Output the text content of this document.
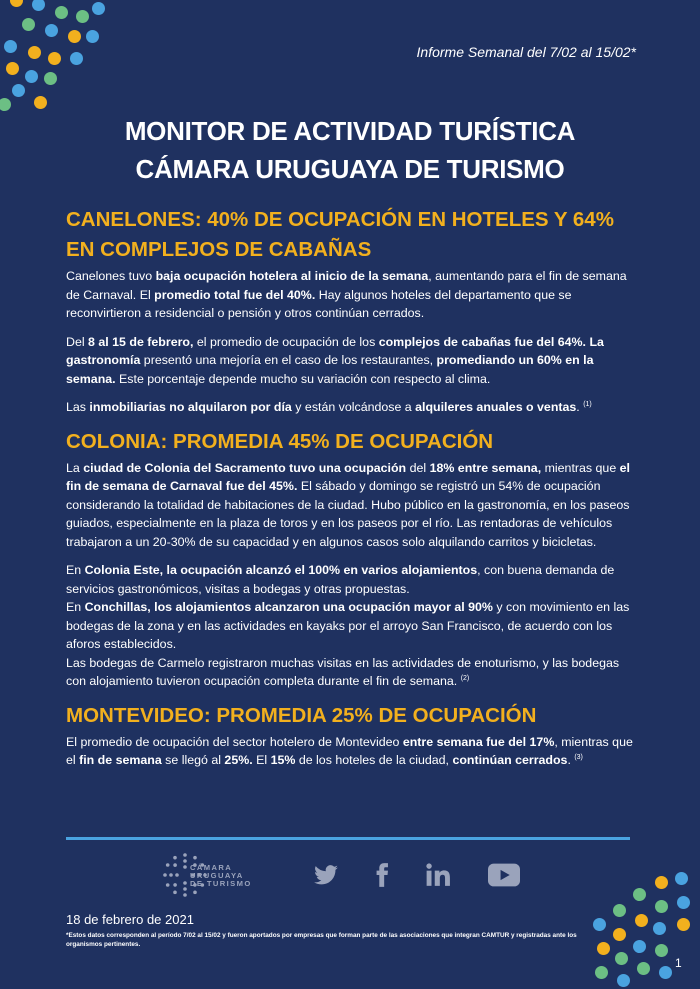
Informe Semanal del 7/02 al 15/02*
MONITOR DE ACTIVIDAD TURÍSTICA
CÁMARA URUGUAYA DE TURISMO
CANELONES: 40% DE OCUPACIÓN EN HOTELES Y 64% EN COMPLEJOS DE CABAÑAS

Canelones tuvo baja ocupación hotelera al inicio de la semana, aumentando para el fin de semana de Carnaval. El promedio total fue del 40%. Hay algunos hoteles del departamento que se reconvirtieron a residencial o pensión y otros continúan cerrados.

Del 8 al 15 de febrero, el promedio de ocupación de los complejos de cabañas fue del 64%. La gastronomía presentó una mejoría en el caso de los restaurantes, promediando un 60% en la semana. Este porcentaje depende mucho su variación con respecto al clima.

Las inmobiliarias no alquilaron por día y están volcándose a alquileres anuales o ventas. $^{(1)}$

COLONIA: PROMEDIA 45% DE OCUPACIÓN

La ciudad de Colonia del Sacramento tuvo una ocupación del 18% entre semana, mientras que el fin de semana de Carnaval fue del 45%. El sábado y domingo se registró un 54% de ocupación considerando la totalidad de habitaciones de la ciudad. Hubo público en la gastronomía, en los paseos guiados, especialmente en la plaza de toros y en los paseos por el río. Las rentadoras de vehículos trabajaron a un 20-30% de su capacidad y en algunos casos solo alquilando carritos y bicicletas.

En Colonia Este, la ocupación alcanzó el 100% en varios alojamientos, con buena demanda de servicios gastronómicos, visitas a bodegas y otras propuestas.
En Conchillas, los alojamientos alcanzaron una ocupación mayor al 90% y con movimiento en las bodegas de la zona y en las actividades en kayaks por el arroyo San Francisco, de acuerdo con los aforos establecidos.
Las bodegas de Carmelo registraron muchas visitas en las actividades de enoturismo, y las bodegas con alojamiento tuvieron ocupación completa durante el fin de semana. $^{(2)}$

MONTEVIDEO: PROMEDIA 25% DE OCUPACIÓN

El promedio de ocupación del sector hotelero de Montevideo entre semana fue del 17%, mientras que el fin de semana se llegó al 25%. El 15% de los hoteles de la ciudad, continúan cerrados. $^{(3)}$

CÁMARA
URUGUAYA
DE TURISMO
18 de febrero de 2021
*Estos datos corresponden al período 7/02 al 15/02 y fueron aportados por empresas que forman parte de las asociaciones que integran CAMTUR y registradas ante los organismos pertinentes.
1
